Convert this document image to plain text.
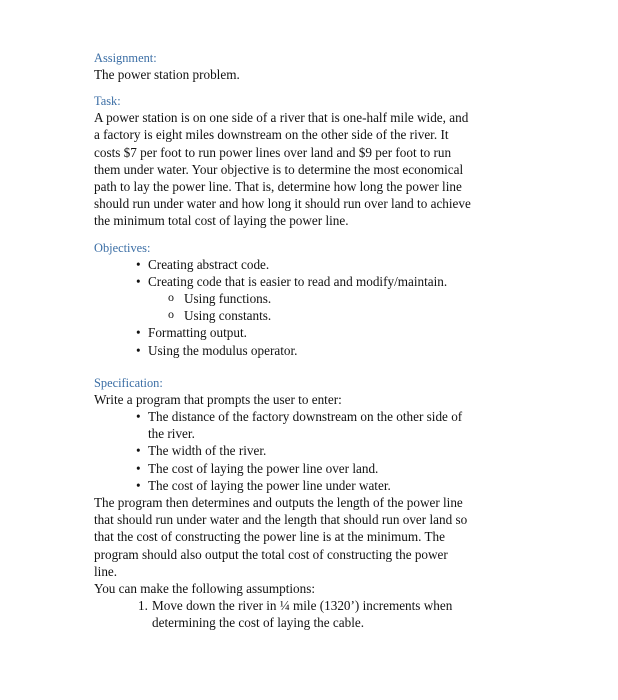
Assignment:

The power station problem.

Task:

A power station is on one side of a river that is one-half mile wide, and a factory is eight miles downstream on the other side of the river. It costs $7 per foot to run power lines over land and $9 per foot to run them under water. Your objective is to determine the most economical path to lay the power line. That is, determine how long the power line should run under water and how long it should run over land to achieve the minimum total cost of laying the power line.

Objectives:
• Creating abstract code.
• Creating code that is easier to read and modify/maintain.
o Using functions.
o Using constants.
• Formatting output.
• Using the modulus operator.
Specification:

Write a program that prompts the user to enter:

• The distance of the factory downstream on the other side of the river.
• The width of the river.
• The cost of laying the power line over land.
• The cost of laying the power line under water.

The program then determines and outputs the length of the power line that should run under water and the length that should run over land so that the cost of constructing the power line is at the minimum. The program should also output the total cost of constructing the power line.

You can make the following assumptions:

1. Move down the river in ¼ mile (1320’) increments when determining the cost of laying the cable.
